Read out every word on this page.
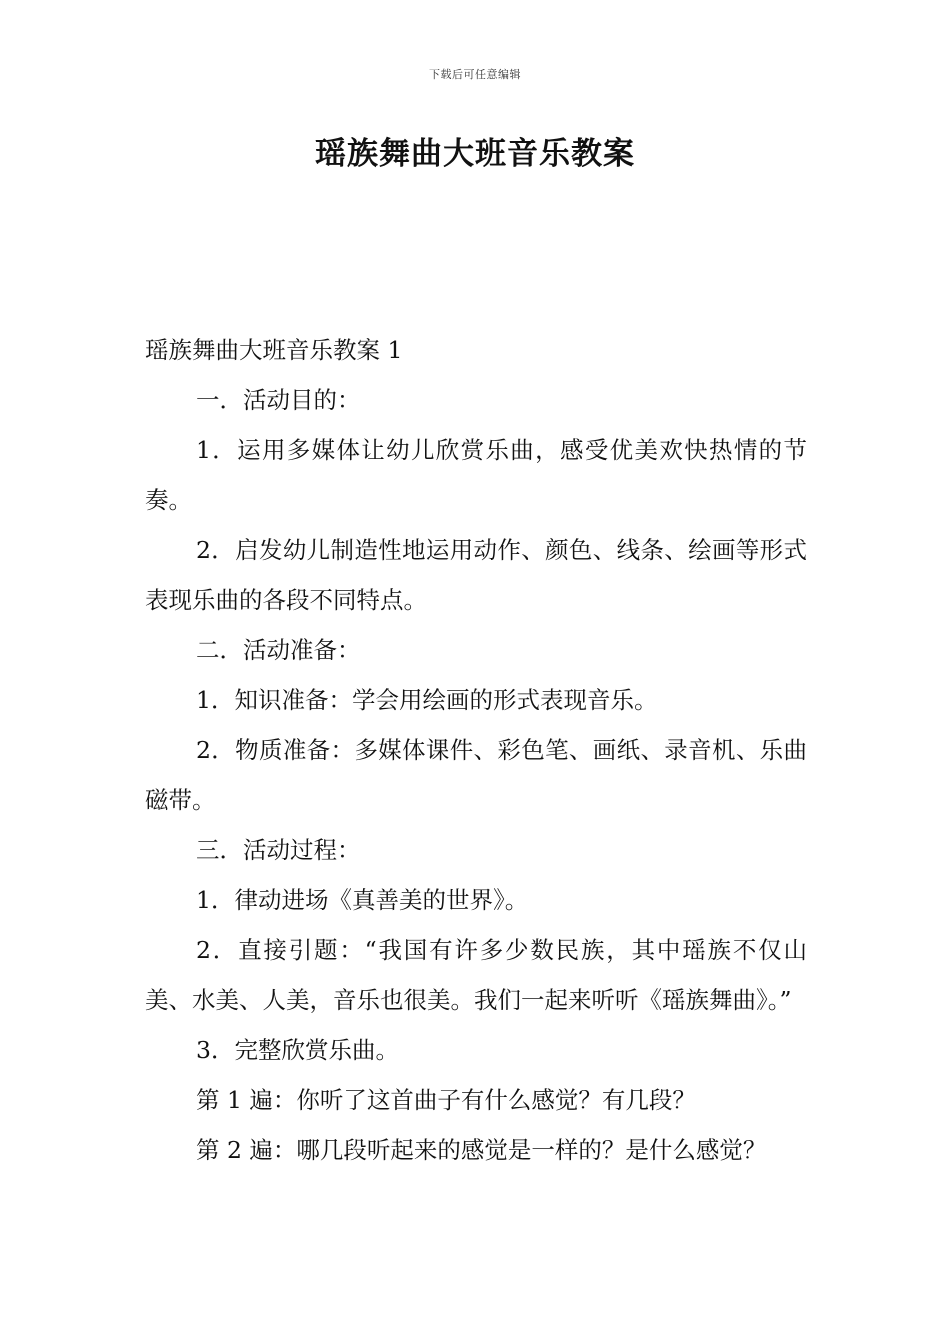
下载后可任意编辑
瑶族舞曲大班音乐教案

瑶族舞曲大班音乐教案 1

一．活动目的：

1．运用多媒体让幼儿欣赏乐曲，感受优美欢快热情的节奏。

2．启发幼儿制造性地运用动作、颜色、线条、绘画等形式表现乐曲的各段不同特点。

二．活动准备：

1．知识准备：学会用绘画的形式表现音乐。

2．物质准备：多媒体课件、彩色笔、画纸、录音机、乐曲磁带。

三．活动过程：

1．律动进场《真善美的世界》。

2．直接引题：“我国有许多少数民族，其中瑶族不仅山美、水美、人美，音乐也很美。我们一起来听听《瑶族舞曲》。”

3．完整欣赏乐曲。

第 1 遍：你听了这首曲子有什么感觉？有几段？

第 2 遍：哪几段听起来的感觉是一样的？是什么感觉？
